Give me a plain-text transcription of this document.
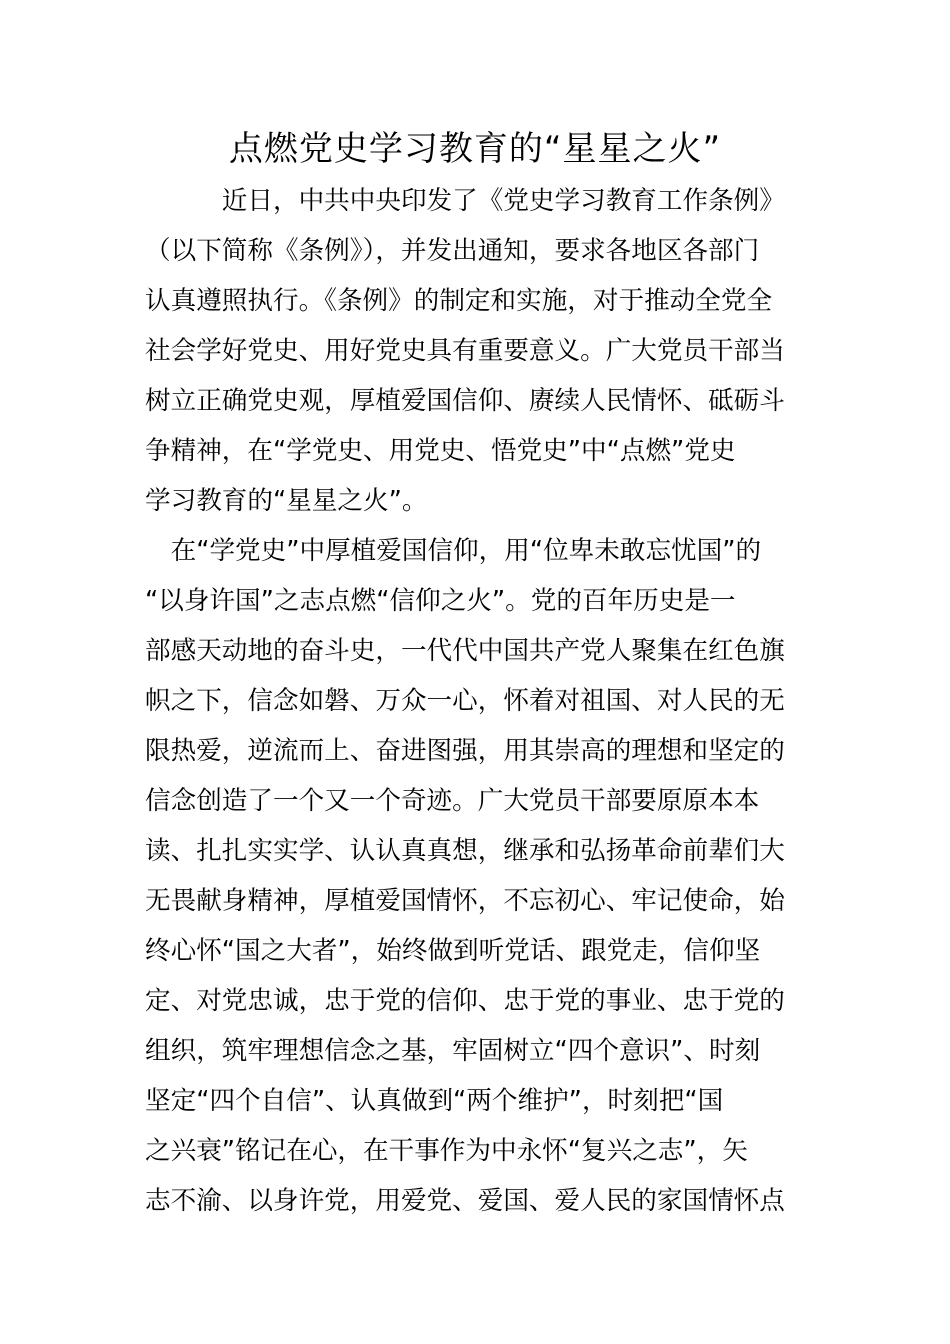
点燃党史学习教育的“星星之火”
　　　近日，中共中央印发了《党史学习教育工作条例》
（以下简称《条例》），并发出通知，要求各地区各部门
认真遵照执行。《条例》的制定和实施，对于推动全党全
社会学好党史、用好党史具有重要意义。广大党员干部当
树立正确党史观，厚植爱国信仰、赓续人民情怀、砥砺斗
争精神，在“学党史、用党史、悟党史”中“点燃”党史
学习教育的“星星之火”。
　在“学党史”中厚植爱国信仰，用“位卑未敢忘忧国”的
“以身许国”之志点燃“信仰之火”。党的百年历史是一
部感天动地的奋斗史，一代代中国共产党人聚集在红色旗
帜之下，信念如磐、万众一心，怀着对祖国、对人民的无
限热爱，逆流而上、奋进图强，用其崇高的理想和坚定的
信念创造了一个又一个奇迹。广大党员干部要原原本本
读、扎扎实实学、认认真真想，继承和弘扬革命前辈们大
无畏献身精神，厚植爱国情怀，不忘初心、牢记使命，始
终心怀“国之大者”，始终做到听党话、跟党走，信仰坚
定、对党忠诚，忠于党的信仰、忠于党的事业、忠于党的
组织，筑牢理想信念之基，牢固树立“四个意识”、时刻
坚定“四个自信”、认真做到“两个维护”，时刻把“国
之兴衰”铭记在心，在干事作为中永怀“复兴之志”，矢
志不渝、以身许党，用爱党、爱国、爱人民的家国情怀点
